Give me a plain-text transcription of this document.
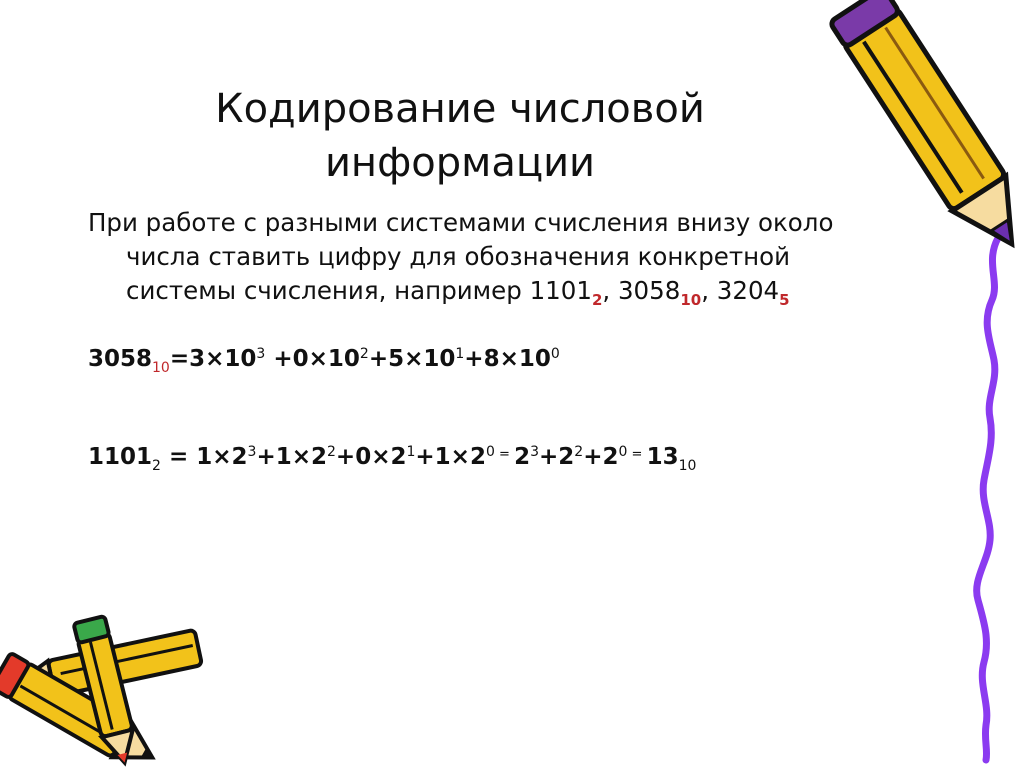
Кодирование числовой
информации

При работе с разными системами счисления внизу около
числа ставить цифру для обозначения конкретной
системы счисления, например $1101_2$, $3058_{10}$, $3204_5$

$3058_{10}=3\times 10^3 +0\times 10^2+5\times 10^1+8\times 10^0$
$1101_2 = 1\times 2^3+1\times 2^2+0\times 2^1+1\times 2^0$ = $2^3+2^2+2^0$ = $13_{10}$
